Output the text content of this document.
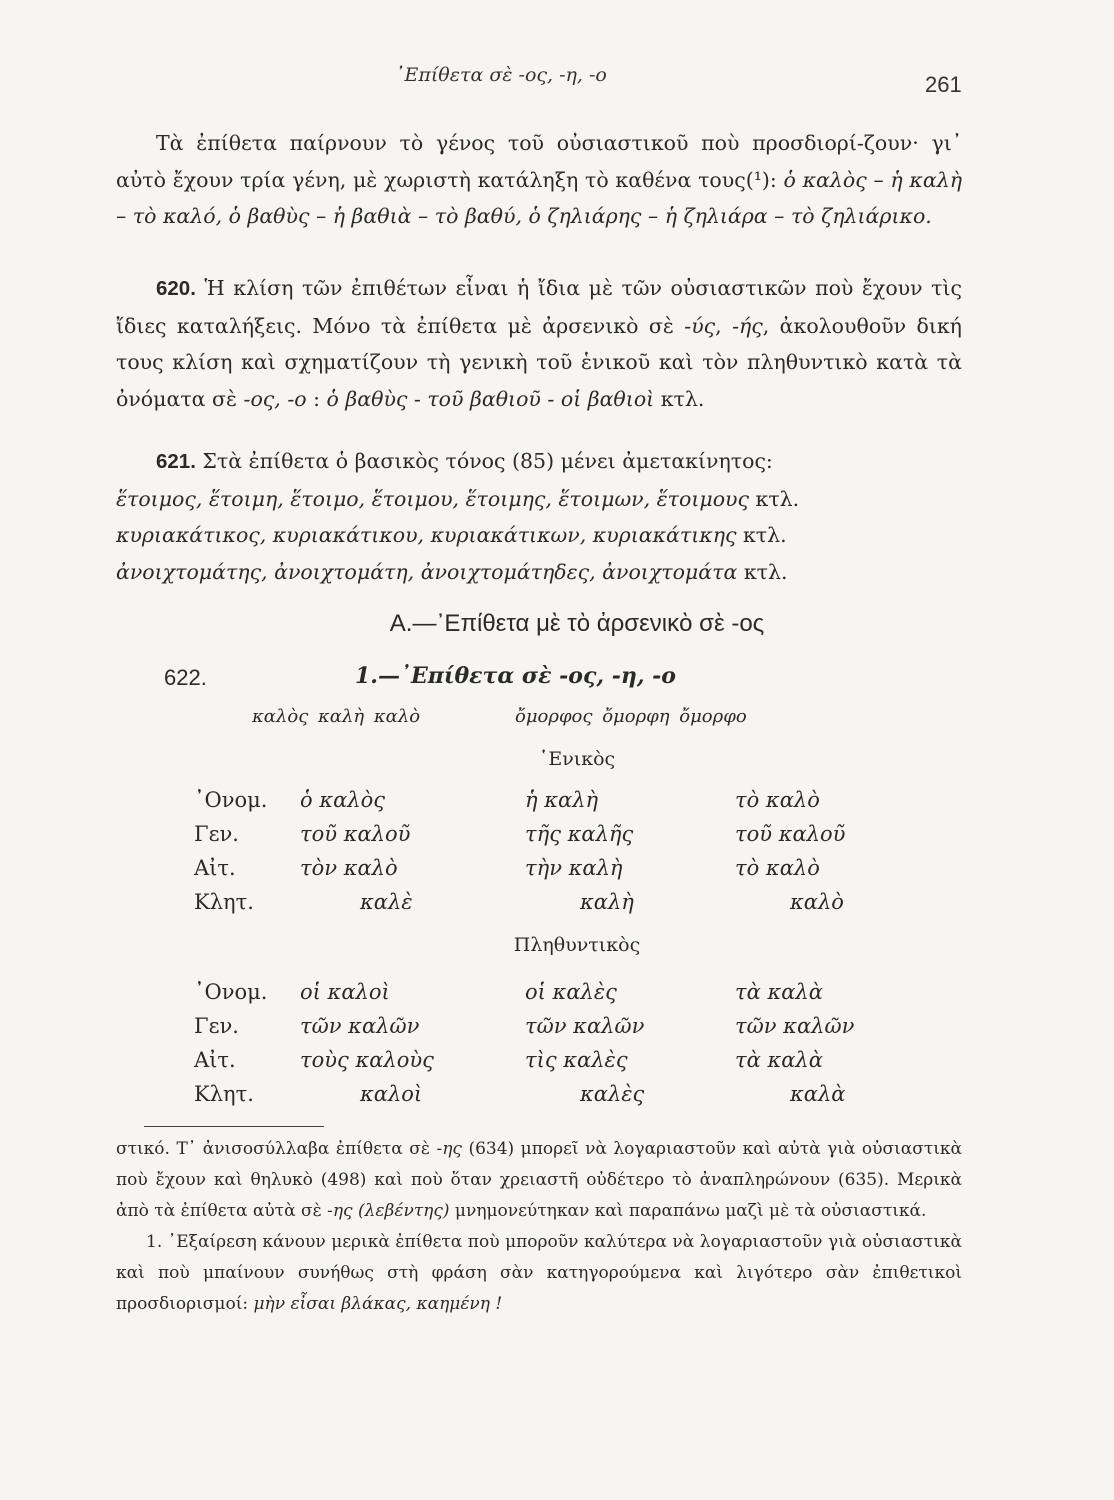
᾿Επίθετα σὲ -ος, -η, -ο	261

Τὰ ἐπίθετα παίρνουν τὸ γένος τοῦ οὐσιαστικοῦ ποὺ προσδιορί-ζουν· γι᾿ αὐτὸ ἔχουν τρία γένη, μὲ χωριστὴ κατάληξη τὸ καθένα τους(¹): ὁ καλὸς – ἡ καλὴ – τὸ καλό, ὁ βαθὺς – ἡ βαθιὰ – τὸ βαθύ, ὁ ζηλιάρης – ἡ ζηλιάρα – τὸ ζηλιάρικο.

620. Ἡ κλίση τῶν ἐπιθέτων εἶναι ἡ ἴδια μὲ τῶν οὐσιαστικῶν ποὺ ἔχουν τὶς ἴδιες καταλήξεις. Μόνο τὰ ἐπίθετα μὲ ἀρσενικὸ σὲ -ύς, -ής, ἀκολουθοῦν δική τους κλίση καὶ σχηματίζουν τὴ γενικὴ τοῦ ἑνικοῦ καὶ τὸν πληθυντικὸ κατὰ τὰ ὀνόματα σὲ -ος, -ο : ὁ βαθὺς - τοῦ βαθιοῦ - οἱ βαθιοὶ κτλ.

621. Στὰ ἐπίθετα ὁ βασικὸς τόνος (85) μένει ἀμετακίνητος:

ἕτοιμος, ἕτοιμη, ἕτοιμο, ἕτοιμου, ἕτοιμης, ἕτοιμων, ἕτοιμους κτλ.

κυριακάτικος, κυριακάτικου, κυριακάτικων, κυριακάτικης κτλ.

ἀνοιχτομάτης, ἀνοιχτομάτη, ἀνοιχτομάτηδες, ἀνοιχτομάτα κτλ.

Α.—᾿Επίθετα μὲ τὸ ἀρσενικὸ σὲ -ος
622.	1.—᾿Επίθετα σὲ -ος, -η, -ο
καλὸς καλὴ καλὸ	ὄμορφος ὄμορφη ὄμορφο
῾Ενικὸς
᾿Ονομ. ὁ καλὸς	ἡ καλὴ	τὸ καλὸ
Γεν.	τοῦ καλοῦ	τῆς καλῆς	τοῦ καλοῦ
Αἰτ.	τὸν καλὸ	τὴν καλὴ	τὸ καλὸ
Κλητ.	καλὲ	καλὴ	καλὸ
Πληθυντικὸς
᾿Ονομ. οἱ καλοὶ	οἱ καλὲς	τὰ καλὰ
Γεν.	τῶν καλῶν	τῶν καλῶν	τῶν καλῶν
Αἰτ.	τοὺς καλοὺς	τὶς καλὲς	τὰ καλὰ
Κλητ.	καλοὶ	καλὲς	καλὰ

στικό. Τ᾿ ἀνισοσύλλαβα ἐπίθετα σὲ -ης (634) μπορεῖ νὰ λογαριαστοῦν καὶ αὐτὰ γιὰ οὐσιαστικὰ ποὺ ἔχουν καὶ θηλυκὸ (498) καὶ ποὺ ὅταν χρειαστῆ οὐδέτερο τὸ ἀναπληρώνουν (635). Μερικὰ ἀπὸ τὰ ἐπίθετα αὐτὰ σὲ -ης (λεβέντης) μνημονεύτηκαν καὶ παραπάνω μαζὶ μὲ τὰ οὐσιαστικά.

1. ᾿Εξαίρεση κάνουν μερικὰ ἐπίθετα ποὺ μποροῦν καλύτερα νὰ λογαριαστοῦν γιὰ οὐσιαστικὰ καὶ ποὺ μπαίνουν συνήθως στὴ φράση σὰν κατηγορούμενα καὶ λιγότερο σὰν ἐπιθετικοὶ προσδιορισμοί: μὴν εἶσαι βλάκας, καημένη !
